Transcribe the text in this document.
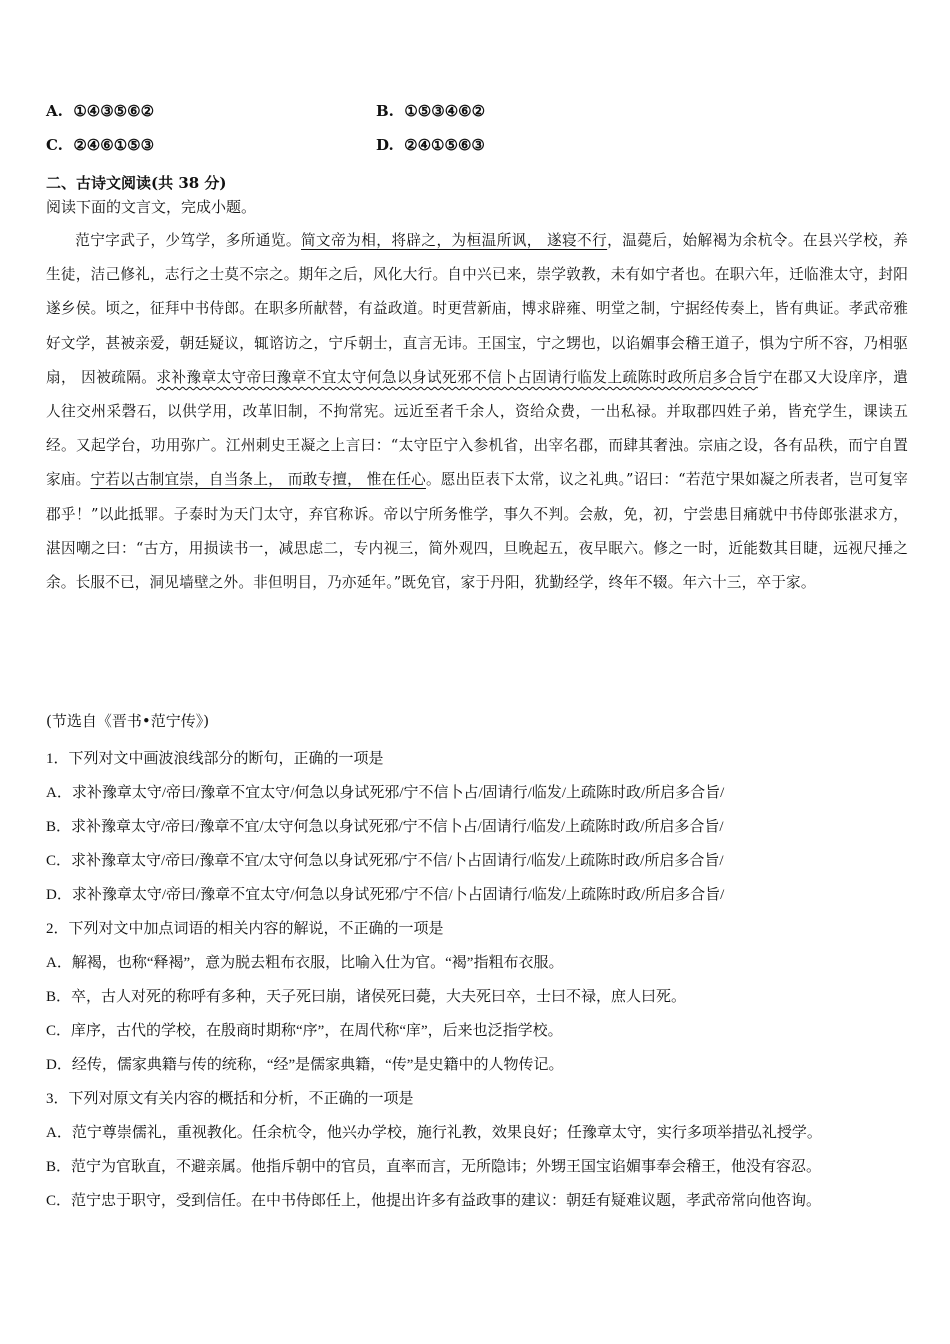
A. ①④③⑤⑥②	B. ①⑤③④⑥②
C. ②④⑥①⑤③	D. ②④①⑤⑥③
二、古诗文阅读(共 38 分)
阅读下面的文言文，完成小题。

范宁字武子，少笃学，多所通览。简文帝为相，将辟之，为桓温所讽， 遂寝不行，温薨后，始解褐为余杭令。在县兴学校，养生徒，洁己修礼，志行之士莫不宗之。期年之后，风化大行。自中兴已来，崇学敦教，未有如宁者也。在职六年，迁临淮太守，封阳遂乡侯。顷之，征拜中书侍郎。在职多所献替，有益政道。时更营新庙，博求辟雍、明堂之制，宁据经传奏上，皆有典证。孝武帝雅好文学，甚被亲爱，朝廷疑议，辄谘访之，宁斥朝士，直言无讳。王国宝，宁之甥也，以谄媚事会稽王道子，惧为宁所不容，乃相驱扇， 因被疏隔。求补豫章太守帝曰豫章不宜太守何急以身试死邪不信卜占固请行临发上疏陈时政所启多合旨宁在郡又大设庠序，遣人往交州采磬石，以供学用，改革旧制，不拘常宪。远近至者千余人，资给众费，一出私禄。并取郡四姓子弟，皆充学生，课读五经。又起学台，功用弥广。江州刺史王凝之上言曰：“太守臣宁入参机省，出宰名郡，而肆其奢浊。宗庙之设，各有品秩，而宁自置家庙。宁若以古制宜崇，自当条上， 而敢专擅， 惟在任心。愿出臣表下太常，议之礼典。”诏曰：“若范宁果如凝之所表者，岂可复宰郡乎！”以此抵罪。子泰时为天门太守，弃官称诉。帝以宁所务惟学，事久不判。会赦，免，初，宁尝患目痛就中书侍郎张湛求方，湛因嘲之曰：“古方，用损读书一，减思虑二，专内视三，简外观四，旦晚起五，夜早眠六。修之一时，近能数其目睫，远视尺捶之余。长服不已，洞见墙壁之外。非但明目，乃亦延年。”既免官，家于丹阳，犹勤经学，终年不辍。年六十三，卒于家。

(节选自《晋书•范宁传》)
1．下列对文中画波浪线部分的断句，正确的一项是
A．求补豫章太守/帝曰/豫章不宜太守/何急以身试死邪/宁不信卜占/固请行/临发/上疏陈时政/所启多合旨/
B．求补豫章太守/帝曰/豫章不宜/太守何急以身试死邪/宁不信卜占/固请行/临发/上疏陈时政/所启多合旨/
C．求补豫章太守/帝曰/豫章不宜/太守何急以身试死邪/宁不信/卜占固请行/临发/上疏陈时政/所启多合旨/
D．求补豫章太守/帝曰/豫章不宜太守/何急以身试死邪/宁不信/卜占固请行/临发/上疏陈时政/所启多合旨/
2．下列对文中加点词语的相关内容的解说，不正确的一项是
A．解褐，也称“释褐”，意为脱去粗布衣服，比喻入仕为官。“褐”指粗布衣服。
B．卒，古人对死的称呼有多种，天子死曰崩，诸侯死曰薨，大夫死曰卒，士曰不禄，庶人曰死。
C．庠序，古代的学校，在殷商时期称“序”，在周代称“庠”，后来也泛指学校。
D．经传，儒家典籍与传的统称，“经”是儒家典籍，“传”是史籍中的人物传记。
3．下列对原文有关内容的概括和分析，不正确的一项是
A．范宁尊崇儒礼，重视教化。任余杭令，他兴办学校，施行礼教，效果良好；任豫章太守，实行多项举措弘礼授学。
B．范宁为官耿直，不避亲属。他指斥朝中的官员，直率而言，无所隐讳；外甥王国宝谄媚事奉会稽王，他没有容忍。
C．范宁忠于职守，受到信任。在中书侍郎任上，他提出许多有益政事的建议：朝廷有疑难议题，孝武帝常向他咨询。
